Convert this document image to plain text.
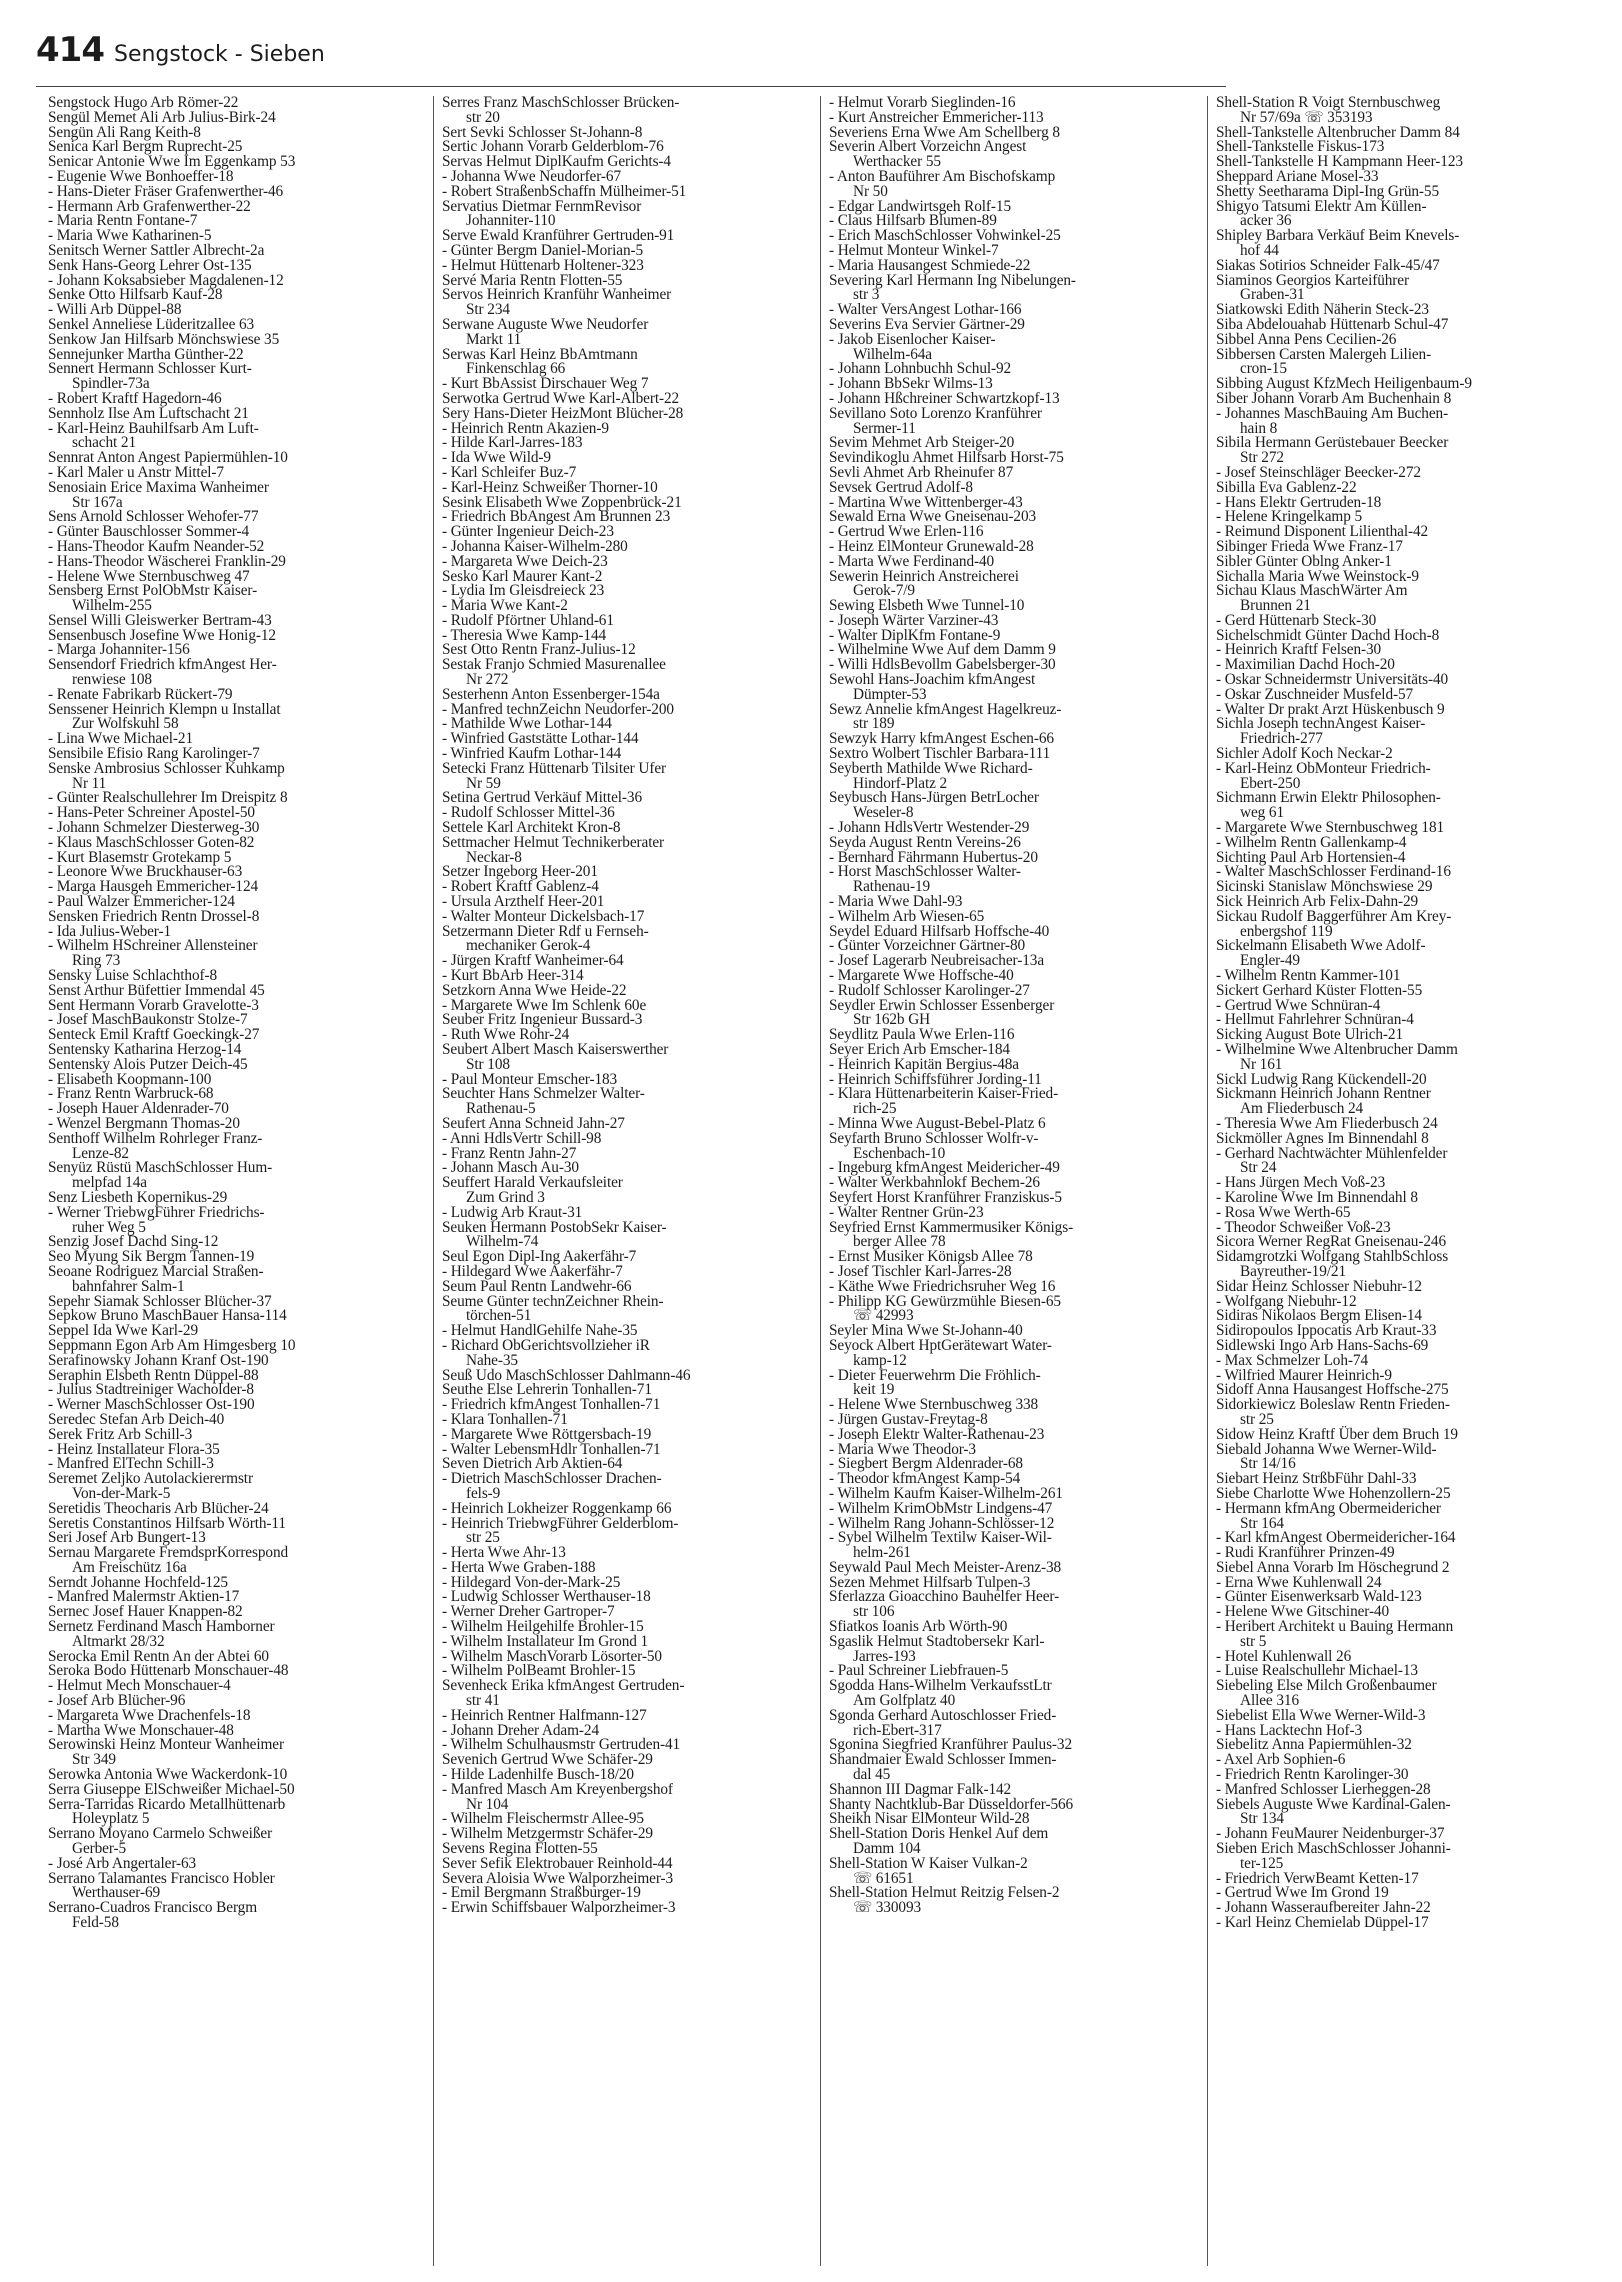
414 Sengstock - Sieben
Sengstock Hugo Arb Römer-22
Sengül Memet Ali Arb Julius-Birk-24
Sengün Ali Rang Keith-8
Senica Karl Bergm Ruprecht-25
Senicar Antonie Wwe Im Eggenkamp 53
- Eugenie Wwe Bonhoeffer-18
- Hans-Dieter Fräser Grafenwerther-46
- Hermann Arb Grafenwerther-22
- Maria Rentn Fontane-7
- Maria Wwe Katharinen-5
Senitsch Werner Sattler Albrecht-2a
Senk Hans-Georg Lehrer Ost-135
- Johann Koksabsieber Magdalenen-12
Senke Otto Hilfsarb Kauf-28
- Willi Arb Düppel-88
Senkel Anneliese Lüderitzallee 63
Senkow Jan Hilfsarb Mönchswiese 35
Sennejunker Martha Günther-22
Sennert Hermann Schlosser Kurt-
Spindler-73a
- Robert Kraftf Hagedorn-46
Sennholz Ilse Am Luftschacht 21
- Karl-Heinz Bauhilfsarb Am Luft-
schacht 21
Sennrat Anton Angest Papiermühlen-10
- Karl Maler u Anstr Mittel-7
Senosiain Erice Maxima Wanheimer
Str 167a
Sens Arnold Schlosser Wehofer-77
- Günter Bauschlosser Sommer-4
- Hans-Theodor Kaufm Neander-52
- Hans-Theodor Wäscherei Franklin-29
- Helene Wwe Sternbuschweg 47
Sensberg Ernst PolObMstr Kaiser-
Wilhelm-255
Sensel Willi Gleiswerker Bertram-43
Sensenbusch Josefine Wwe Honig-12
- Marga Johanniter-156
Sensendorf Friedrich kfmAngest Her-
renwiese 108
- Renate Fabrikarb Rückert-79
Senssener Heinrich Klempn u Installat
Zur Wolfskuhl 58
- Lina Wwe Michael-21
Sensibile Efisio Rang Karolinger-7
Senske Ambrosius Schlosser Kuhkamp
Nr 11
- Günter Realschullehrer Im Dreispitz 8
- Hans-Peter Schreiner Apostel-50
- Johann Schmelzer Diesterweg-30
- Klaus MaschSchlosser Goten-82
- Kurt Blasemstr Grotekamp 5
- Leonore Wwe Bruckhauser-63
- Marga Hausgeh Emmericher-124
- Paul Walzer Emmericher-124
Sensken Friedrich Rentn Drossel-8
- Ida Julius-Weber-1
- Wilhelm HSchreiner Allensteiner
Ring 73
Sensky Luise Schlachthof-8
Senst Arthur Büfettier Immendal 45
Sent Hermann Vorarb Gravelotte-3
- Josef MaschBaukonstr Stolze-7
Senteck Emil Kraftf Goeckingk-27
Sentensky Katharina Herzog-14
Sentensky Alois Putzer Deich-45
- Elisabeth Koopmann-100
- Franz Rentn Warbruck-68
- Joseph Hauer Aldenrader-70
- Wenzel Bergmann Thomas-20
Senthoff Wilhelm Rohrleger Franz-
Lenze-82
Senyüz Rüstü MaschSchlosser Hum-
melpfad 14a
Senz Liesbeth Kopernikus-29
- Werner TriebwgFührer Friedrichs-
ruher Weg 5
Senzig Josef Dachd Sing-12
Seo Myung Sik Bergm Tannen-19
Seoane Rodriguez Marcial Straßen-
bahnfahrer Salm-1
Sepehr Siamak Schlosser Blücher-37
Sepkow Bruno MaschBauer Hansa-114
Seppel Ida Wwe Karl-29
Seppmann Egon Arb Am Himgesberg 10
Serafinowsky Johann Kranf Ost-190
Seraphin Elsbeth Rentn Düppel-88
- Julius Stadtreiniger Wacholder-8
- Werner MaschSchlosser Ost-190
Seredec Stefan Arb Deich-40
Serek Fritz Arb Schill-3
- Heinz Installateur Flora-35
- Manfred ElTechn Schill-3
Seremet Zeljko Autolackierermstr
Von-der-Mark-5
Seretidis Theocharis Arb Blücher-24
Seretis Constantinos Hilfsarb Wörth-11
Seri Josef Arb Bungert-13
Sernau Margarete FremdsprKorrespond
Am Freischütz 16a
Serndt Johanne Hochfeld-125
- Manfred Malermstr Aktien-17
Sernec Josef Hauer Knappen-82
Sernetz Ferdinand Masch Hamborner
Altmarkt 28/32
Serocka Emil Rentn An der Abtei 60
Seroka Bodo Hüttenarb Monschauer-48
- Helmut Mech Monschauer-4
- Josef Arb Blücher-96
- Margareta Wwe Drachenfels-18
- Martha Wwe Monschauer-48
Serowinski Heinz Monteur Wanheimer
Str 349
Serowka Antonia Wwe Wackerdonk-10
Serra Giuseppe ElSchweißer Michael-50
Serra-Tarridas Ricardo Metallhüttenarb
Holeyplatz 5
Serrano Moyano Carmelo Schweißer
Gerber-5
- José Arb Angertaler-63
Serrano Talamantes Francisco Hobler
Werthauser-69
Serrano-Cuadros Francisco Bergm
Feld-58
Serres Franz MaschSchlosser Brücken-
str 20
Sert Sevki Schlosser St-Johann-8
Sertic Johann Vorarb Gelderblom-76
Servas Helmut DiplKaufm Gerichts-4
- Johanna Wwe Neudorfer-67
- Robert StraßenbSchaffn Mülheimer-51
Servatius Dietmar FernmRevisor
Johanniter-110
Serve Ewald Kranführer Gertruden-91
- Günter Bergm Daniel-Morian-5
- Helmut Hüttenarb Holtener-323
Servé Maria Rentn Flotten-55
Servos Heinrich Kranführ Wanheimer
Str 234
Serwane Auguste Wwe Neudorfer
Markt 11
Serwas Karl Heinz BbAmtmann
Finkenschlag 66
- Kurt BbAssist Dirschauer Weg 7
Serwotka Gertrud Wwe Karl-Albert-22
Sery Hans-Dieter HeizMont Blücher-28
- Heinrich Rentn Akazien-9
- Hilde Karl-Jarres-183
- Ida Wwe Wild-9
- Karl Schleifer Buz-7
- Karl-Heinz Schweißer Thorner-10
Sesink Elisabeth Wwe Zoppenbrück-21
- Friedrich BbAngest Am Brunnen 23
- Günter Ingenieur Deich-23
- Johanna Kaiser-Wilhelm-280
- Margareta Wwe Deich-23
Sesko Karl Maurer Kant-2
- Lydia Im Gleisdreieck 23
- Maria Wwe Kant-2
- Rudolf Pförtner Uhland-61
- Theresia Wwe Kamp-144
Sest Otto Rentn Franz-Julius-12
Sestak Franjo Schmied Masurenallee
Nr 272
Sesterhenn Anton Essenberger-154a
- Manfred technZeichn Neudorfer-200
- Mathilde Wwe Lothar-144
- Winfried Gaststätte Lothar-144
- Winfried Kaufm Lothar-144
Setecki Franz Hüttenarb Tilsiter Ufer
Nr 59
Setina Gertrud Verkäuf Mittel-36
- Rudolf Schlosser Mittel-36
Settele Karl Architekt Kron-8
Settmacher Helmut Technikerberater
Neckar-8
Setzer Ingeborg Heer-201
- Robert Kraftf Gablenz-4
- Ursula Arzthelf Heer-201
- Walter Monteur Dickelsbach-17
Setzermann Dieter Rdf u Fernseh-
mechaniker Gerok-4
- Jürgen Kraftf Wanheimer-64
- Kurt BbArb Heer-314
Setzkorn Anna Wwe Heide-22
- Margarete Wwe Im Schlenk 60e
Seuber Fritz Ingenieur Bussard-3
- Ruth Wwe Rohr-24
Seubert Albert Masch Kaiserswerther
Str 108
- Paul Monteur Emscher-183
Seuchter Hans Schmelzer Walter-
Rathenau-5
Seufert Anna Schneid Jahn-27
- Anni HdlsVertr Schill-98
- Franz Rentn Jahn-27
- Johann Masch Au-30
Seuffert Harald Verkaufsleiter
Zum Grind 3
- Ludwig Arb Kraut-31
Seuken Hermann PostobSekr Kaiser-
Wilhelm-74
Seul Egon Dipl-Ing Aakerfähr-7
- Hildegard Wwe Aakerfähr-7
Seum Paul Rentn Landwehr-66
Seume Günter technZeichner Rhein-
törchen-51
- Helmut HandlGehilfe Nahe-35
- Richard ObGerichtsvollzieher iR
Nahe-35
Seuß Udo MaschSchlosser Dahlmann-46
Seuthe Else Lehrerin Tonhallen-71
- Friedrich kfmAngest Tonhallen-71
- Klara Tonhallen-71
- Margarete Wwe Röttgersbach-19
- Walter LebensmHdlr Tonhallen-71
Seven Dietrich Arb Aktien-64
- Dietrich MaschSchlosser Drachen-
fels-9
- Heinrich Lokheizer Roggenkamp 66
- Heinrich TriebwgFührer Gelderblom-
str 25
- Herta Wwe Ahr-13
- Herta Wwe Graben-188
- Hildegard Von-der-Mark-25
- Ludwig Schlosser Werthauser-18
- Werner Dreher Gartroper-7
- Wilhelm Heilgehilfe Brohler-15
- Wilhelm Installateur Im Grond 1
- Wilhelm MaschVorarb Lösorter-50
- Wilhelm PolBeamt Brohler-15
Sevenheck Erika kfmAngest Gertruden-
str 41
- Heinrich Rentner Halfmann-127
- Johann Dreher Adam-24
- Wilhelm Schulhausmstr Gertruden-41
Sevenich Gertrud Wwe Schäfer-29
- Hilde Ladenhilfe Busch-18/20
- Manfred Masch Am Kreyenbergshof
Nr 104
- Wilhelm Fleischermstr Allee-95
- Wilhelm Metzgermstr Schäfer-29
Sevens Regina Flotten-55
Sever Sefik Elektrobauer Reinhold-44
Severa Aloisia Wwe Walporzheimer-3
- Emil Bergmann Straßburger-19
- Erwin Schiffsbauer Walporzheimer-3
- Helmut Vorarb Sieglinden-16
- Kurt Anstreicher Emmericher-113
Severiens Erna Wwe Am Schellberg 8
Severin Albert Vorzeichn Angest
Werthacker 55
- Anton Bauführer Am Bischofskamp
Nr 50
- Edgar Landwirtsgeh Rolf-15
- Claus Hilfsarb Blumen-89
- Erich MaschSchlosser Vohwinkel-25
- Helmut Monteur Winkel-7
- Maria Hausangest Schmiede-22
Severing Karl Hermann Ing Nibelungen-
str 3
- Walter VersAngest Lothar-166
Severins Eva Servier Gärtner-29
- Jakob Eisenlocher Kaiser-
Wilhelm-64a
- Johann Lohnbuchh Schul-92
- Johann BbSekr Wilms-13
- Johann Hßchreiner Schwartzkopf-13
Sevillano Soto Lorenzo Kranführer
Sermer-11
Sevim Mehmet Arb Steiger-20
Sevindikoglu Ahmet Hilfsarb Horst-75
Sevli Ahmet Arb Rheinufer 87
Sevsek Gertrud Adolf-8
- Martina Wwe Wittenberger-43
Sewald Erna Wwe Gneisenau-203
- Gertrud Wwe Erlen-116
- Heinz ElMonteur Grunewald-28
- Marta Wwe Ferdinand-40
Sewerin Heinrich Anstreicherei
Gerok-7/9
Sewing Elsbeth Wwe Tunnel-10
- Joseph Wärter Varziner-43
- Walter DiplKfm Fontane-9
- Wilhelmine Wwe Auf dem Damm 9
- Willi HdlsBevollm Gabelsberger-30
Sewohl Hans-Joachim kfmAngest
Dümpter-53
Sewz Annelie kfmAngest Hagelkreuz-
str 189
Sewzyk Harry kfmAngest Eschen-66
Sextro Wolbert Tischler Barbara-111
Seyberth Mathilde Wwe Richard-
Hindorf-Platz 2
Seybusch Hans-Jürgen BetrLocher
Weseler-8
- Johann HdlsVertr Westender-29
Seyda August Rentn Vereins-26
- Bernhard Fährmann Hubertus-20
- Horst MaschSchlosser Walter-
Rathenau-19
- Maria Wwe Dahl-93
- Wilhelm Arb Wiesen-65
Seydel Eduard Hilfsarb Hoffsche-40
- Günter Vorzeichner Gärtner-80
- Josef Lagerarb Neubreisacher-13a
- Margarete Wwe Hoffsche-40
- Rudolf Schlosser Karolinger-27
Seydler Erwin Schlosser Essenberger
Str 162b GH
Seydlitz Paula Wwe Erlen-116
Seyer Erich Arb Emscher-184
- Heinrich Kapitän Bergius-48a
- Heinrich Schiffsführer Jording-11
- Klara Hüttenarbeiterin Kaiser-Fried-
rich-25
- Minna Wwe August-Bebel-Platz 6
Seyfarth Bruno Schlosser Wolfr-v-
Eschenbach-10
- Ingeburg kfmAngest Meidericher-49
- Walter Werkbahnlokf Bechem-26
Seyfert Horst Kranführer Franziskus-5
- Walter Rentner Grün-23
Seyfried Ernst Kammermusiker Königs-
berger Allee 78
- Ernst Musiker Königsb Allee 78
- Josef Tischler Karl-Jarres-28
- Käthe Wwe Friedrichsruher Weg 16
- Philipp KG Gewürzmühle Biesen-65
☏ 42993
Seyler Mina Wwe St-Johann-40
Seyock Albert HptGerätewart Water-
kamp-12
- Dieter Feuerwehrm Die Fröhlich-
keit 19
- Helene Wwe Sternbuschweg 338
- Jürgen Gustav-Freytag-8
- Joseph Elektr Walter-Rathenau-23
- Maria Wwe Theodor-3
- Siegbert Bergm Aldenrader-68
- Theodor kfmAngest Kamp-54
- Wilhelm Kaufm Kaiser-Wilhelm-261
- Wilhelm KrimObMstr Lindgens-47
- Wilhelm Rang Johann-Schlösser-12
- Sybel Wilhelm Textilw Kaiser-Wil-
helm-261
Seywald Paul Mech Meister-Arenz-38
Sezen Mehmet Hilfsarb Tulpen-3
Sferlazza Gioacchino Bauhelfer Heer-
str 106
Sfiatkos Ioanis Arb Wörth-90
Sgaslik Helmut Stadtobersekr Karl-
Jarres-193
- Paul Schreiner Liebfrauen-5
Sgodda Hans-Wilhelm VerkaufsstLtr
Am Golfplatz 40
Sgonda Gerhard Autoschlosser Fried-
rich-Ebert-317
Sgonina Siegfried Kranführer Paulus-32
Shandmaier Ewald Schlosser Immen-
dal 45
Shannon III Dagmar Falk-142
Shanty Nachtklub-Bar Düsseldorfer-566
Sheikh Nisar ElMonteur Wild-28
Shell-Station Doris Henkel Auf dem
Damm 104
Shell-Station W Kaiser Vulkan-2
☏ 61651
Shell-Station Helmut Reitzig Felsen-2
☏ 330093
Shell-Station R Voigt Sternbuschweg
Nr 57/69a ☏ 353193
Shell-Tankstelle Altenbrucher Damm 84
Shell-Tankstelle Fiskus-173
Shell-Tankstelle H Kampmann Heer-123
Sheppard Ariane Mosel-33
Shetty Seetharama Dipl-Ing Grün-55
Shigyo Tatsumi Elektr Am Küllen-
acker 36
Shipley Barbara Verkäuf Beim Knevels-
hof 44
Siakas Sotirios Schneider Falk-45/47
Siaminos Georgios Karteiführer
Graben-31
Siatkowski Edith Näherin Steck-23
Siba Abdelouahab Hüttenarb Schul-47
Sibbel Anna Pens Cecilien-26
Sibbersen Carsten Malergeh Lilien-
cron-15
Sibbing August KfzMech Heiligenbaum-9
Siber Johann Vorarb Am Buchenhain 8
- Johannes MaschBauing Am Buchen-
hain 8
Sibila Hermann Gerüstebauer Beecker
Str 272
- Josef Steinschläger Beecker-272
Sibilla Eva Gablenz-22
- Hans Elektr Gertruden-18
- Helene Kringelkamp 5
- Reimund Disponent Lilienthal-42
Sibinger Frieda Wwe Franz-17
Sibler Günter Oblng Anker-1
Sichalla Maria Wwe Weinstock-9
Sichau Klaus MaschWärter Am
Brunnen 21
- Gerd Hüttenarb Steck-30
Sichelschmidt Günter Dachd Hoch-8
- Heinrich Kraftf Felsen-30
- Maximilian Dachd Hoch-20
- Oskar Schneidermstr Universitäts-40
- Oskar Zuschneider Musfeld-57
- Walter Dr prakt Arzt Hüskenbusch 9
Sichla Joseph technAngest Kaiser-
Friedrich-277
Sichler Adolf Koch Neckar-2
- Karl-Heinz ObMonteur Friedrich-
Ebert-250
Sichmann Erwin Elektr Philosophen-
weg 61
- Margarete Wwe Sternbuschweg 181
- Wilhelm Rentn Gallenkamp-4
Sichting Paul Arb Hortensien-4
- Walter MaschSchlosser Ferdinand-16
Sicinski Stanislaw Mönchswiese 29
Sick Heinrich Arb Felix-Dahn-29
Sickau Rudolf Baggerführer Am Krey-
enbergshof 119
Sickelmann Elisabeth Wwe Adolf-
Engler-49
- Wilhelm Rentn Kammer-101
Sickert Gerhard Küster Flotten-55
- Gertrud Wwe Schnüran-4
- Hellmut Fahrlehrer Schnüran-4
Sicking August Bote Ulrich-21
- Wilhelmine Wwe Altenbrucher Damm
Nr 161
Sickl Ludwig Rang Kückendell-20
Sickmann Heinrich Johann Rentner
Am Fliederbusch 24
- Theresia Wwe Am Fliederbusch 24
Sickmöller Agnes Im Binnendahl 8
- Gerhard Nachtwächter Mühlenfelder
Str 24
- Hans Jürgen Mech Voß-23
- Karoline Wwe Im Binnendahl 8
- Rosa Wwe Werth-65
- Theodor Schweißer Voß-23
Sicora Werner RegRat Gneisenau-246
Sidamgrotzki Wolfgang StahlbSchloss
Bayreuther-19/21
Sidar Heinz Schlosser Niebuhr-12
- Wolfgang Niebuhr-12
Sidiras Nikolaos Bergm Elisen-14
Sidiropoulos Ippocatis Arb Kraut-33
Sidlewski Ingo Arb Hans-Sachs-69
- Max Schmelzer Loh-74
- Wilfried Maurer Heinrich-9
Sidoff Anna Hausangest Hoffsche-275
Sidorkiewicz Boleslaw Rentn Frieden-
str 25
Sidow Heinz Kraftf Über dem Bruch 19
Siebald Johanna Wwe Werner-Wild-
Str 14/16
Siebart Heinz StrßbFühr Dahl-33
Siebe Charlotte Wwe Hohenzollern-25
- Hermann kfmAng Obermeidericher
Str 164
- Karl kfmAngest Obermeidericher-164
- Rudi Kranführer Prinzen-49
Siebel Anna Vorarb Im Höschegrund 2
- Erna Wwe Kuhlenwall 24
- Günter Eisenwerksarb Wald-123
- Helene Wwe Gitschiner-40
- Heribert Architekt u Bauing Hermann
str 5
- Hotel Kuhlenwall 26
- Luise Realschullehr Michael-13
Siebeling Else Milch Großenbaumer
Allee 316
Siebelist Ella Wwe Werner-Wild-3
- Hans Lacktechn Hof-3
Siebelitz Anna Papiermühlen-32
- Axel Arb Sophien-6
- Friedrich Rentn Karolinger-30
- Manfred Schlosser Lierheggen-28
Siebels Auguste Wwe Kardinal-Galen-
Str 134
- Johann FeuMaurer Neidenburger-37
Sieben Erich MaschSchlosser Johanni-
ter-125
- Friedrich VerwBeamt Ketten-17
- Gertrud Wwe Im Grond 19
- Johann Wasseraufbereiter Jahn-22
- Karl Heinz Chemielab Düppel-17
